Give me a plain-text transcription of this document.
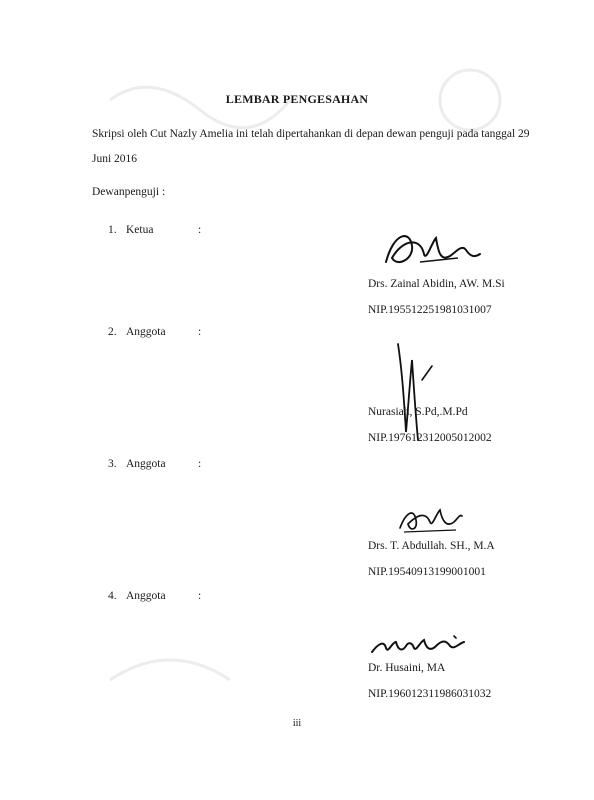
LEMBAR PENGESAHAN
Skripsi oleh Cut Nazly Amelia ini telah dipertahankan di depan dewan penguji pada tanggal 29
Juni 2016
Dewanpenguji :
1. Ketua	:
Drs. Zainal Abidin, AW. M.Si
NIP.195512251981031007
2. Anggota	:
Nurasiah, S.Pd,.M.Pd
NIP.197612312005012002
3. Anggota	:
Drs. T. Abdullah. SH., M.A
NIP.19540913199001001
4. Anggota	:
Dr. Husaini, MA
NIP.196012311986031032
iii
